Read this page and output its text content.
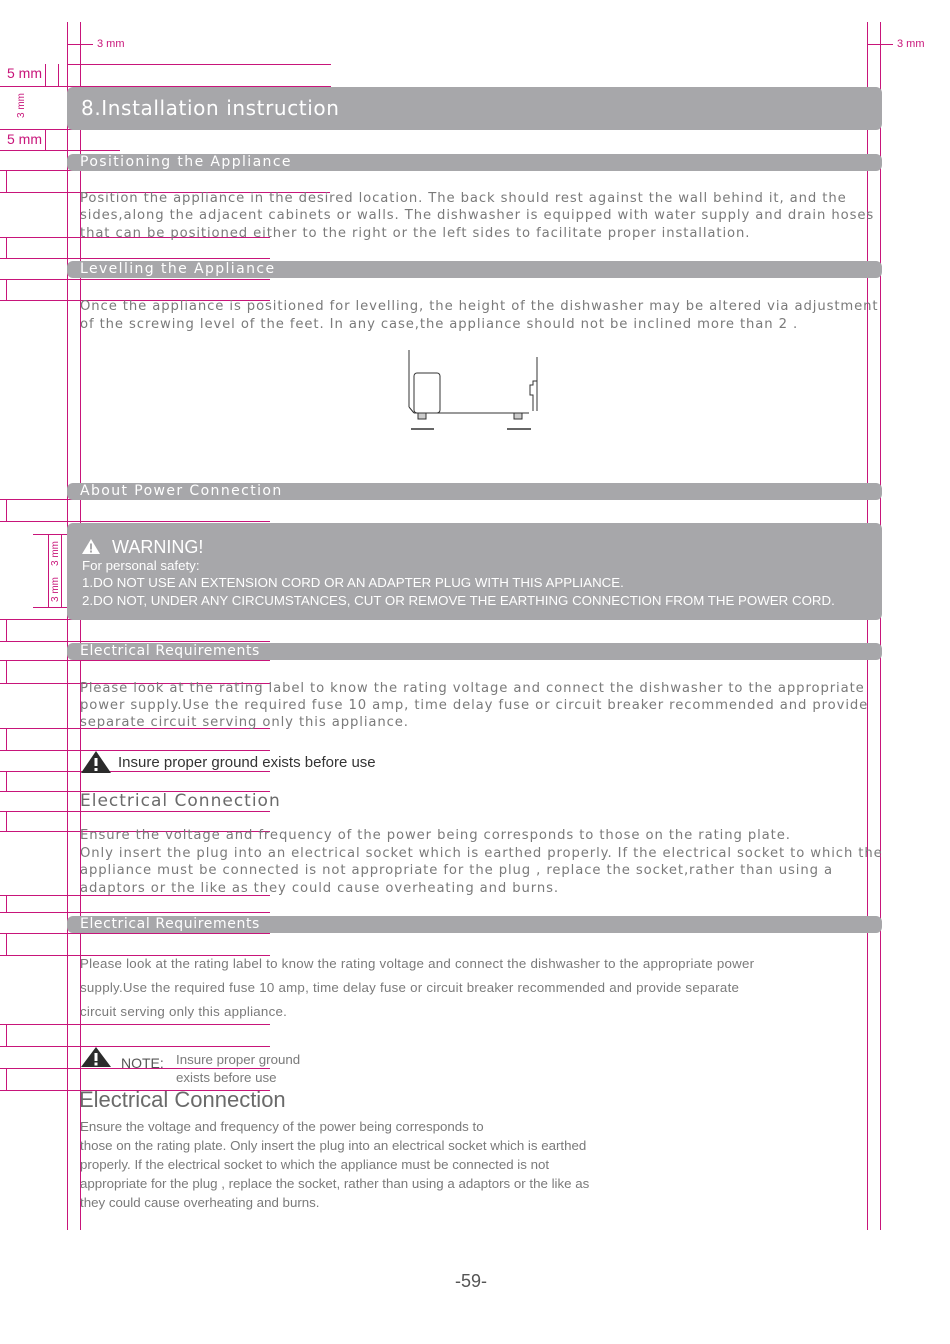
3 mm	3 mm
5 mm
3 mm
5 mm
3 mm
3 mm
8.Installation instruction
Positioning the Appliance
Position the appliance in the desired location. The back should rest against the wall behind it, and the
sides,along the adjacent cabinets or walls. The dishwasher is equipped with water supply and drain hoses
that can be positioned either to the right or the left sides to facilitate proper installation.
Levelling the Appliance
Once the appliance is positioned for levelling, the height of the dishwasher may be altered via adjustment
of the screwing level of the feet. In any case,the appliance should not be inclined more than 2 .
About Power Connection
WARNING!
For personal safety:
1.DO NOT USE AN EXTENSION CORD OR AN ADAPTER PLUG WITH THIS APPLIANCE.
2.DO NOT, UNDER ANY CIRCUMSTANCES, CUT OR REMOVE THE EARTHING CONNECTION FROM THE POWER CORD.
Electrical Requirements
Please look at the rating label to know the rating voltage and connect the dishwasher to the appropriate
power supply.Use the required fuse 10 amp, time delay fuse or circuit breaker recommended and provide
separate circuit serving only this appliance.
Insure proper ground exists before use
Electrical Connection
Ensure the voltage and frequency of the power being corresponds to those on the rating plate.
Only insert the plug into an electrical socket which is earthed properly. If the electrical socket to which the
appliance must be connected is not appropriate for the plug , replace the socket,rather than using a
adaptors or the like as they could cause overheating and burns.
Electrical Requirements
Please look at the rating label to know the rating voltage and connect the dishwasher to the appropriate power
supply.Use the required fuse 10 amp, time delay fuse or circuit breaker recommended and provide separate
circuit serving only this appliance.
NOTE: Insure proper ground
exists before use
Electrical Connection
Ensure the voltage and frequency of the power being corresponds to
those on the rating plate. Only insert the plug into an electrical socket which is earthed
properly. If the electrical socket to which the appliance must be connected is not
appropriate for the plug , replace the socket, rather than using a adaptors or the like as
they could cause overheating and burns.
-59-
